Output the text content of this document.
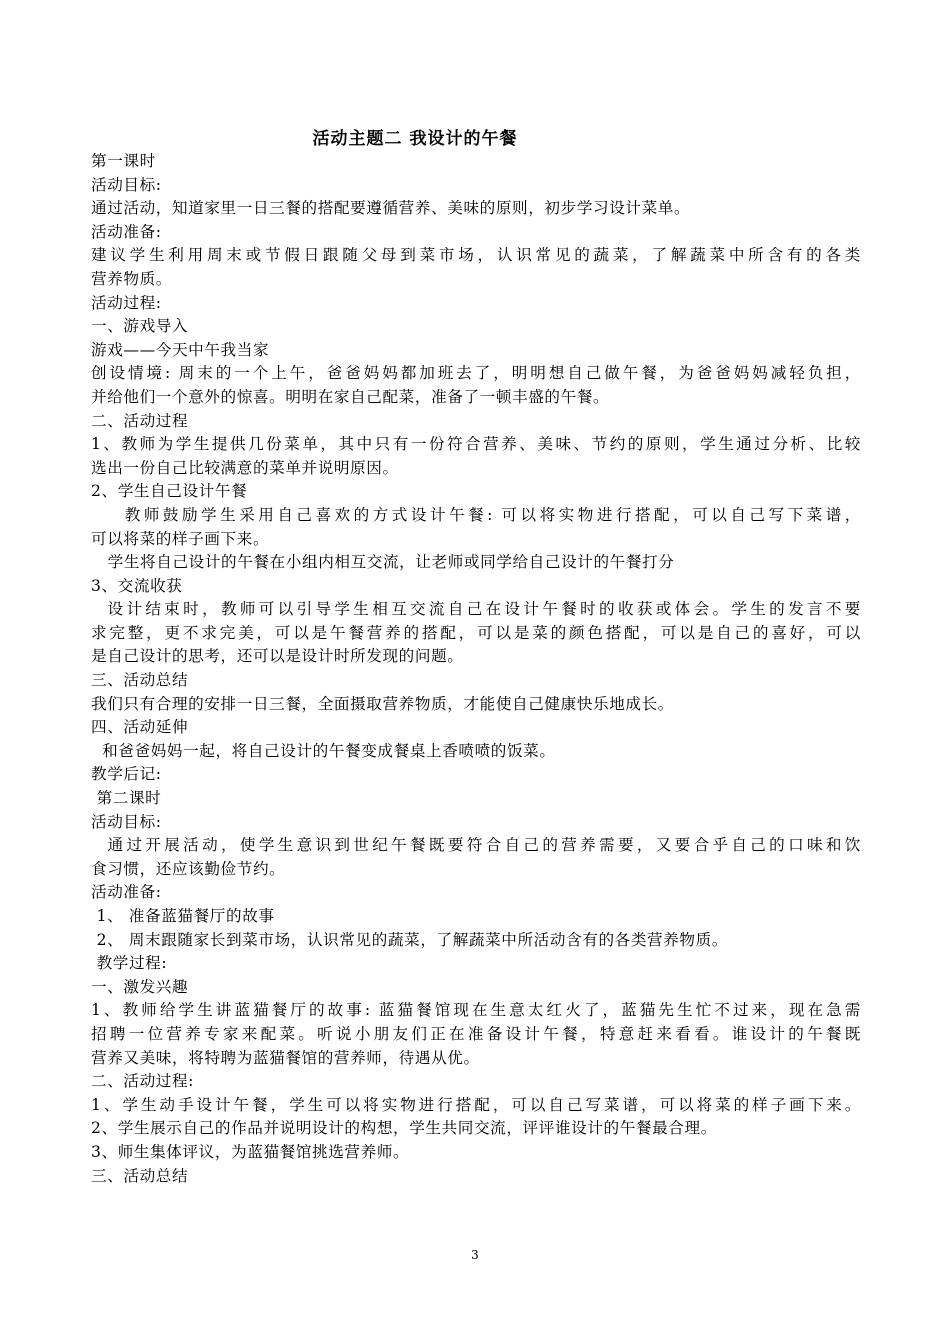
活动主题二 我设计的午餐
第一课时
活动目标:
通过活动，知道家里一日三餐的搭配要遵循营养、美味的原则，初步学习设计菜单。
活动准备:
建议学生利用周末或节假日跟随父母到菜市场，认识常见的蔬菜，了解蔬菜中所含有的各类
营养物质。
活动过程:
一、游戏导入
游戏——今天中午我当家
创设情境: 周末的一个上午，爸爸妈妈都加班去了，明明想自己做午餐，为爸爸妈妈减轻负担，
并给他们一个意外的惊喜。明明在家自己配菜，准备了一顿丰盛的午餐。
二、活动过程
1、教师为学生提供几份菜单，其中只有一份符合营养、美味、节约的原则，学生通过分析、比较
选出一份自己比较满意的菜单并说明原因。
2、学生自己设计午餐
教师鼓励学生采用自己喜欢的方式设计午餐: 可以将实物进行搭配，可以自己写下菜谱，
可以将菜的样子画下来。
学生将自己设计的午餐在小组内相互交流，让老师或同学给自己设计的午餐打分
3、交流收获
设计结束时，教师可以引导学生相互交流自己在设计午餐时的收获或体会。学生的发言不要
求完整，更不求完美，可以是午餐营养的搭配，可以是菜的颜色搭配，可以是自己的喜好，可以
是自己设计的思考，还可以是设计时所发现的问题。
三、活动总结
我们只有合理的安排一日三餐，全面摄取营养物质，才能使自己健康快乐地成长。
四、活动延伸
和爸爸妈妈一起，将自己设计的午餐变成餐桌上香喷喷的饭菜。
教学后记:
第二课时
活动目标:
通过开展活动，使学生意识到世纪午餐既要符合自己的营养需要，又要合乎自己的口味和饮
食习惯，还应该勤俭节约。
活动准备:
1、 准备蓝猫餐厅的故事
2、 周末跟随家长到菜市场，认识常见的蔬菜，了解蔬菜中所活动含有的各类营养物质。
教学过程:
一、激发兴趣
1、教师给学生讲蓝猫餐厅的故事: 蓝猫餐馆现在生意太红火了，蓝猫先生忙不过来，现在急需
招聘一位营养专家来配菜。听说小朋友们正在准备设计午餐，特意赶来看看。谁设计的午餐既
营养又美味，将特聘为蓝猫餐馆的营养师，待遇从优。
二、活动过程:
1、学生动手设计午餐，学生可以将实物进行搭配，可以自己写菜谱，可以将菜的样子画下来。
2、学生展示自己的作品并说明设计的构想，学生共同交流，评评谁设计的午餐最合理。
3、师生集体评议，为蓝猫餐馆挑选营养师。
三、活动总结
3
